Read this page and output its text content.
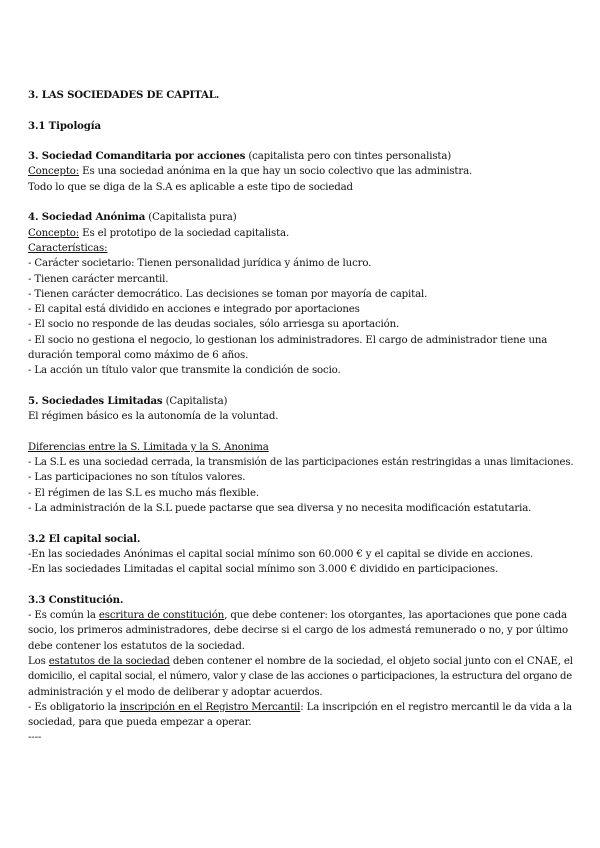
3. LAS SOCIEDADES DE CAPITAL.
3.1 Tipología
3. Sociedad Comanditaria por acciones (capitalista pero con tintes personalista)
Concepto: Es una sociedad anónima en la que hay un socio colectivo que las administra.
Todo lo que se diga de la S.A es aplicable a este tipo de sociedad
4. Sociedad Anónima (Capitalista pura)
Concepto: Es el prototipo de la sociedad capitalista.
Características:
- Carácter societario: Tienen personalidad jurídica y ánimo de lucro.
- Tienen carácter mercantil.
- Tienen carácter democrático. Las decisiones se toman por mayoría de capital.
- El capital está dividido en acciones e integrado por aportaciones
- El socio no responde de las deudas sociales, sólo arriesga su aportación.
- El socio no gestiona el negocio, lo gestionan los administradores. El cargo de administrador tiene una
duración temporal como máximo de 6 años.
- La acción un título valor que transmite la condición de socio.
5. Sociedades Limitadas (Capitalista)
El régimen básico es la autonomía de la voluntad.
Diferencias entre la S. Limitada y la S. Anonima
- La S.L es una sociedad cerrada, la transmisión de las participaciones están restringidas a unas limitaciones.
- Las participaciones no son títulos valores.
- El régimen de las S.L es mucho más flexible.
- La administración de la S.L puede pactarse que sea diversa y no necesita modificación estatutaria.
3.2 El capital social.
-En las sociedades Anónimas el capital social mínimo son 60.000 € y el capital se divide en acciones.
-En las sociedades Limitadas el capital social mínimo son 3.000 € dividido en participaciones.
3.3 Constitución.
- Es común la escritura de constitución, que debe contener: los otorgantes, las aportaciones que pone cada
socio, los primeros administradores, debe decirse si el cargo de los admestá remunerado o no, y por último
debe contener los estatutos de la sociedad.
Los estatutos de la sociedad deben contener el nombre de la sociedad, el objeto social junto con el CNAE, el
domicilio, el capital social, el número, valor y clase de las acciones o participaciones, la estructura del organo de
administración y el modo de deliberar y adoptar acuerdos.
- Es obligatorio la inscripción en el Registro Mercantil: La inscripción en el registro mercantil le da vida a la
sociedad, para que pueda empezar a operar.
----
